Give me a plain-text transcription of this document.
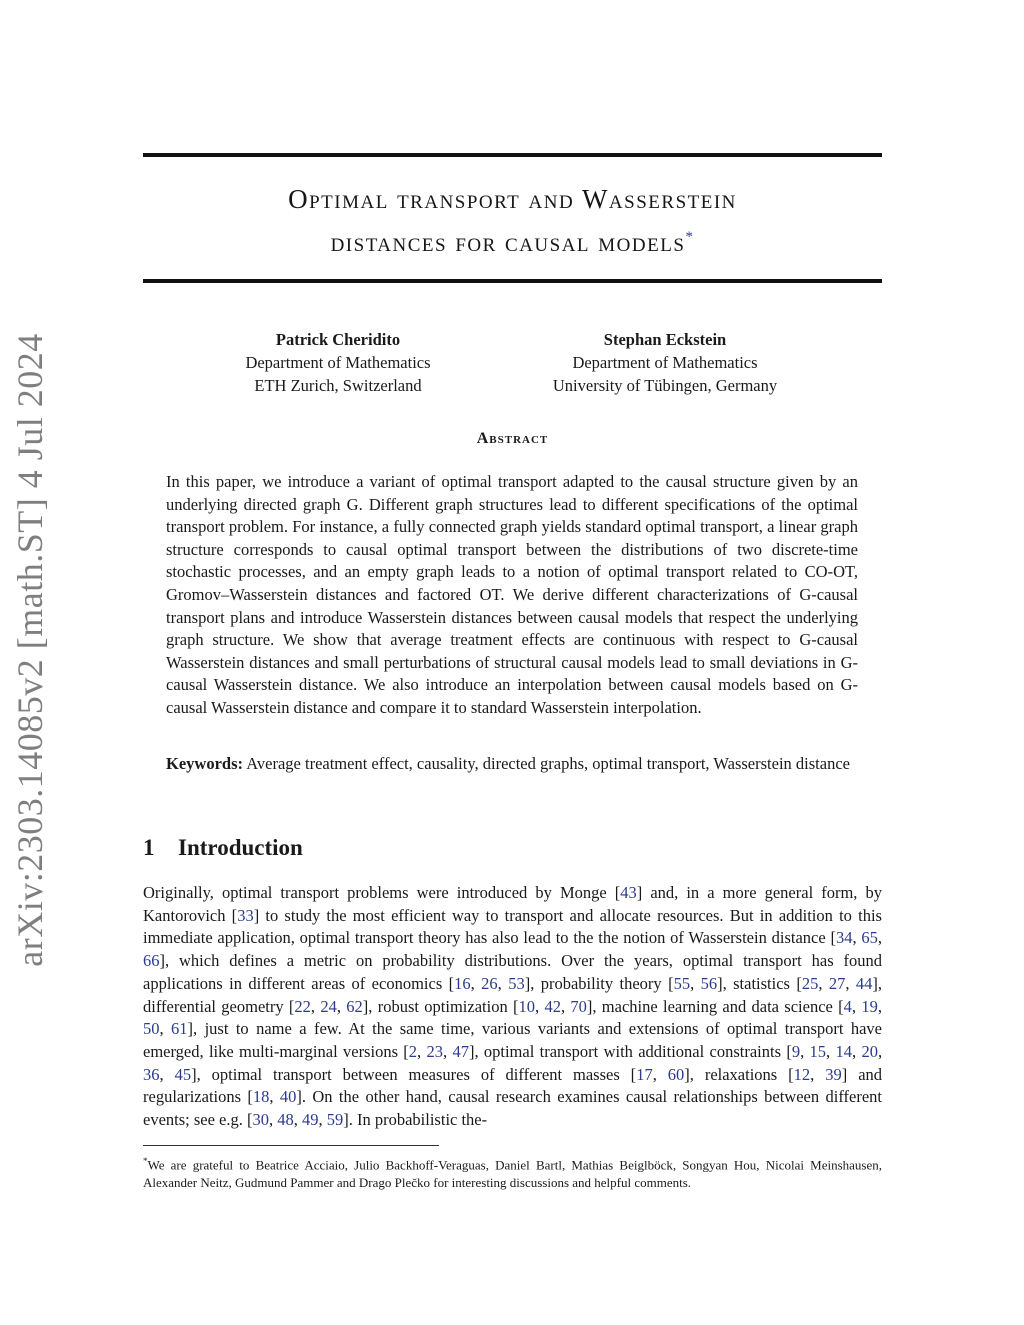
arXiv:2303.14085v2 [math.ST] 4 Jul 2024
Optimal transport and Wasserstein
distances for causal models*
Patrick Cheridito
Department of Mathematics
ETH Zurich, Switzerland
Stephan Eckstein
Department of Mathematics
University of Tübingen, Germany
Abstract
In this paper, we introduce a variant of optimal transport adapted to the causal structure given by an underlying directed graph G. Different graph structures lead to different specifications of the optimal transport problem. For instance, a fully connected graph yields standard optimal transport, a linear graph structure corresponds to causal optimal transport between the distributions of two discrete-time stochastic processes, and an empty graph leads to a notion of optimal transport related to CO-OT, Gromov–Wasserstein distances and factored OT. We derive different characterizations of G-causal transport plans and introduce Wasserstein distances between causal models that respect the underlying graph structure. We show that average treatment effects are continuous with respect to G-causal Wasserstein distances and small perturbations of structural causal models lead to small deviations in G-causal Wasserstein distance. We also introduce an interpolation between causal models based on G-causal Wasserstein distance and compare it to standard Wasserstein interpolation.
Keywords: Average treatment effect, causality, directed graphs, optimal transport, Wasserstein distance
1 Introduction
Originally, optimal transport problems were introduced by Monge [43] and, in a more general form, by Kantorovich [33] to study the most efficient way to transport and allocate resources. But in addition to this immediate application, optimal transport theory has also lead to the the notion of Wasserstein distance [34, 65, 66], which defines a metric on probability distributions. Over the years, optimal transport has found applications in different areas of economics [16, 26, 53], probability theory [55, 56], statistics [25, 27, 44], differential geometry [22, 24, 62], robust optimization [10, 42, 70], machine learning and data science [4, 19, 50, 61], just to name a few. At the same time, various variants and extensions of optimal transport have emerged, like multi-marginal versions [2, 23, 47], optimal transport with additional constraints [9, 15, 14, 20, 36, 45], optimal transport between measures of different masses [17, 60], relaxations [12, 39] and regularizations [18, 40]. On the other hand, causal research examines causal relationships between different events; see e.g. [30, 48, 49, 59]. In probabilistic the-
*We are grateful to Beatrice Acciaio, Julio Backhoff-Veraguas, Daniel Bartl, Mathias Beiglböck, Songyan Hou, Nicolai Meinshausen, Alexander Neitz, Gudmund Pammer and Drago Plečko for interesting discussions and helpful comments.
